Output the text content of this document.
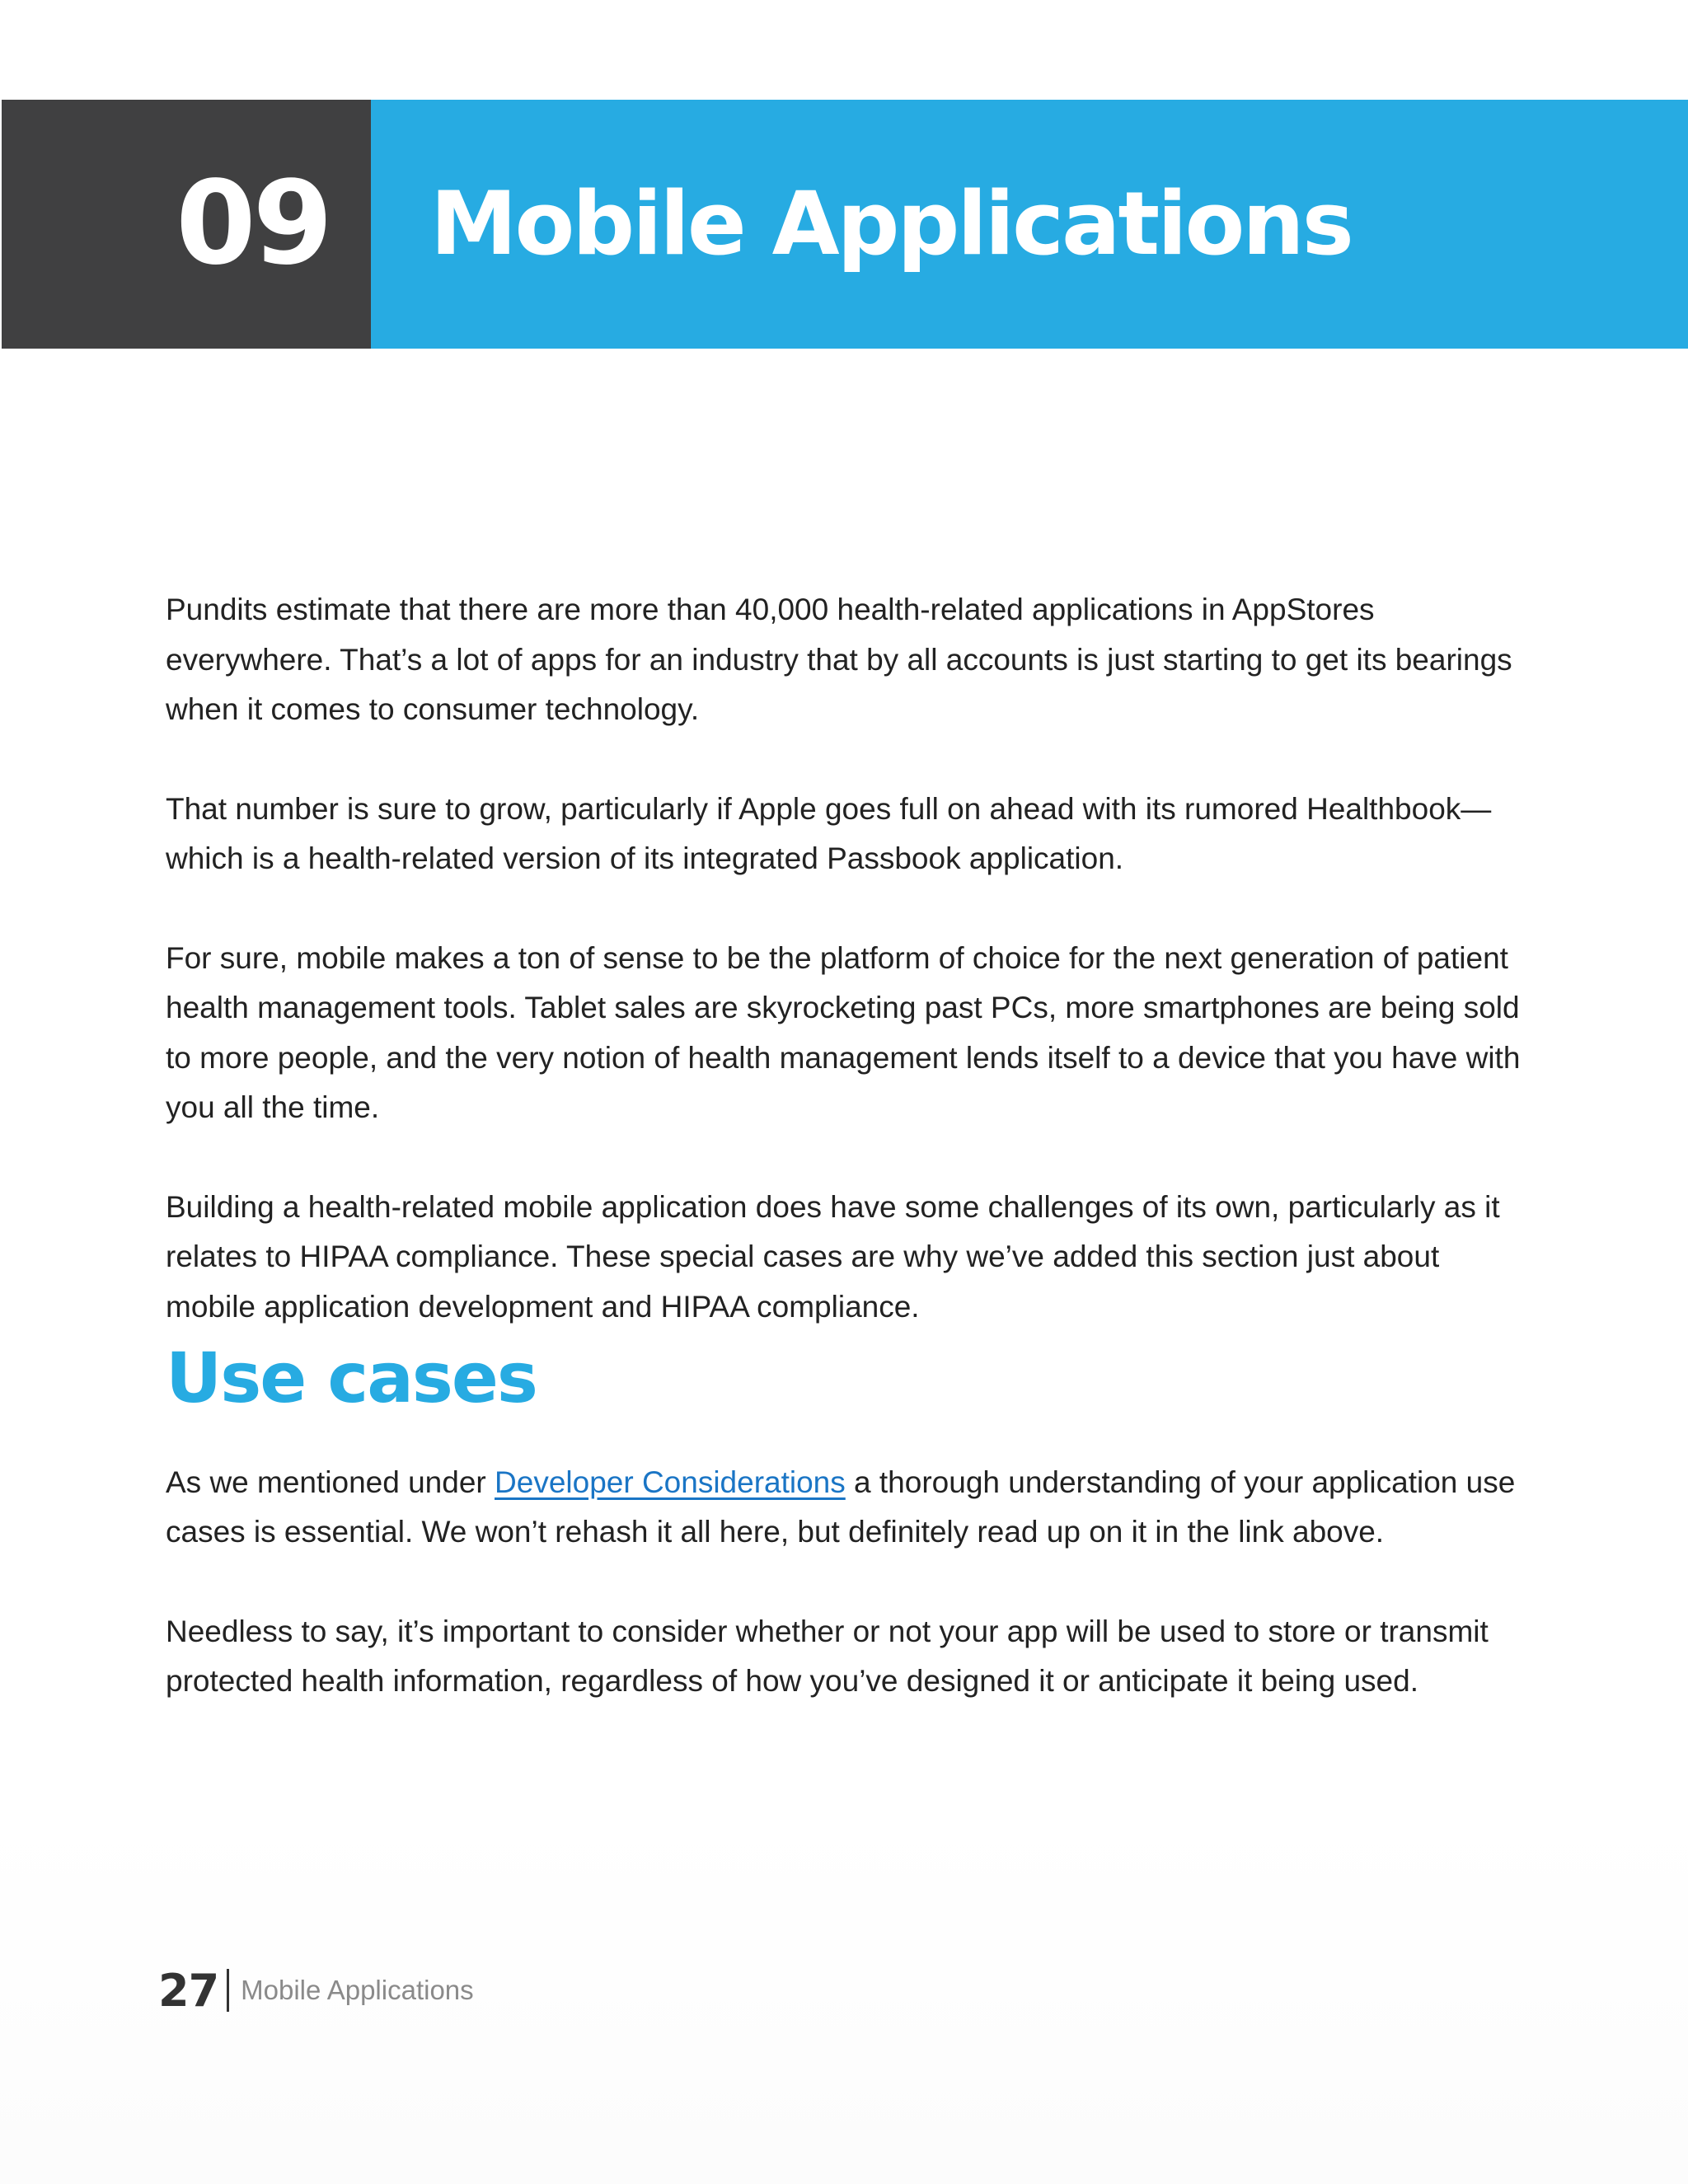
09 Mobile Applications

Pundits estimate that there are more than 40,000 health-related applications in AppStores everywhere. That’s a lot of apps for an industry that by all accounts is just starting to get its bearings when it comes to consumer technology.

That number is sure to grow, particularly if Apple goes full on ahead with its rumored Healthbook—which is a health-related version of its integrated Passbook application.

For sure, mobile makes a ton of sense to be the platform of choice for the next generation of patient health management tools. Tablet sales are skyrocketing past PCs, more smartphones are being sold to more people, and the very notion of health management lends itself to a device that you have with you all the time.

Building a health-related mobile application does have some challenges of its own, particularly as it relates to HIPAA compliance. These special cases are why we’ve added this section just about mobile application development and HIPAA compliance.

Use cases

As we mentioned under Developer Considerations a thorough understanding of your application use cases is essential. We won’t rehash it all here, but definitely read up on it in the link above.

Needless to say, it’s important to consider whether or not your app will be used to store or transmit protected health information, regardless of how you’ve designed it or anticipate it being used.

27 Mobile Applications
